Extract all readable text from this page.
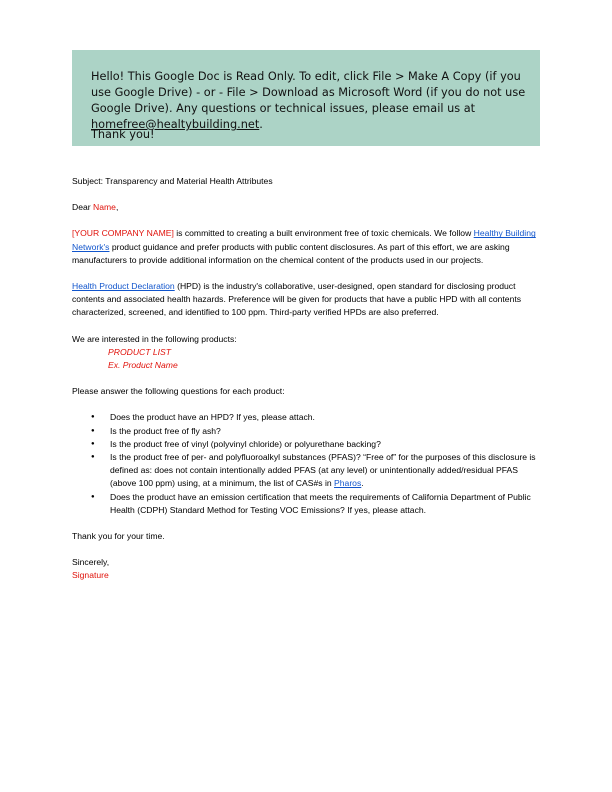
Hello! This Google Doc is Read Only. To edit, click File > Make A Copy (if you use Google Drive) - or - File > Download as Microsoft Word (if you do not use Google Drive). Any questions or technical issues, please email us at homefree@healtybuilding.net.
Thank you!

Subject: Transparency and Material Health Attributes

Dear Name,

[YOUR COMPANY NAME] is committed to creating a built environment free of toxic chemicals. We follow Healthy Building Network's product guidance and prefer products with public content disclosures. As part of this effort, we are asking manufacturers to provide additional information on the chemical content of the products used in our projects.

Health Product Declaration (HPD) is the industry's collaborative, user-designed, open standard for disclosing product contents and associated health hazards. Preference will be given for products that have a public HPD with all contents characterized, screened, and identified to 100 ppm. Third-party verified HPDs are also preferred.

We are interested in the following products:

PRODUCT LIST

Ex. Product Name

Please answer the following questions for each product:

● Does the product have an HPD? If yes, please attach.
● Is the product free of fly ash?
● Is the product free of vinyl (polyvinyl chloride) or polyurethane backing?
● Is the product free of per- and polyfluoroalkyl substances (PFAS)? “Free of” for the purposes of this disclosure is defined as: does not contain intentionally added PFAS (at any level) or unintentionally added/residual PFAS (above 100 ppm) using, at a minimum, the list of CAS#s in Pharos.
● Does the product have an emission certification that meets the requirements of California Department of Public Health (CDPH) Standard Method for Testing VOC Emissions? If yes, please attach.

Thank you for your time.

Sincerely,

Signature
